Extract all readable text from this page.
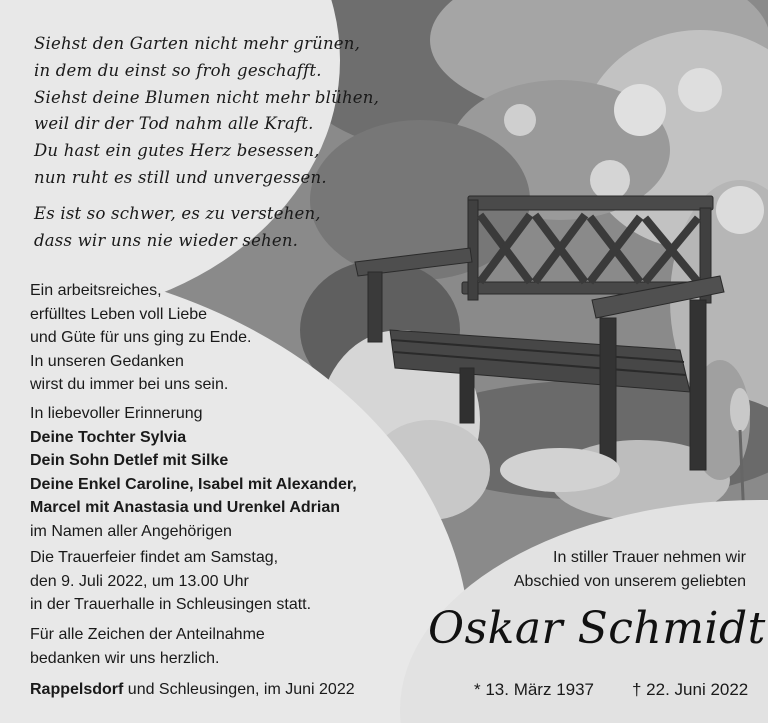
Siehst den Garten nicht mehr grünen,
in dem du einst so froh geschafft.
Siehst deine Blumen nicht mehr blühen,
weil dir der Tod nahm alle Kraft.
Du hast ein gutes Herz besessen,
nun ruht es still und unvergessen.
Es ist so schwer, es zu verstehen,
dass wir uns nie wieder sehen.
Ein arbeitsreiches,
erfülltes Leben voll Liebe
und Güte für uns ging zu Ende.
In unseren Gedanken
wirst du immer bei uns sein.
In liebevoller Erinnerung
Deine Tochter Sylvia
Dein Sohn Detlef mit Silke
Deine Enkel Caroline, Isabel mit Alexander,
Marcel mit Anastasia und Urenkel Adrian
im Namen aller Angehörigen
Die Trauerfeier findet am Samstag,
den 9. Juli 2022, um 13.00 Uhr
in der Trauerhalle in Schleusingen statt.
Für alle Zeichen der Anteilnahme
bedanken wir uns herzlich.
Rappelsdorf und Schleusingen, im Juni 2022
In stiller Trauer nehmen wir
Abschied von unserem geliebten
Oskar Schmidt
* 13. März 1937 † 22. Juni 2022
